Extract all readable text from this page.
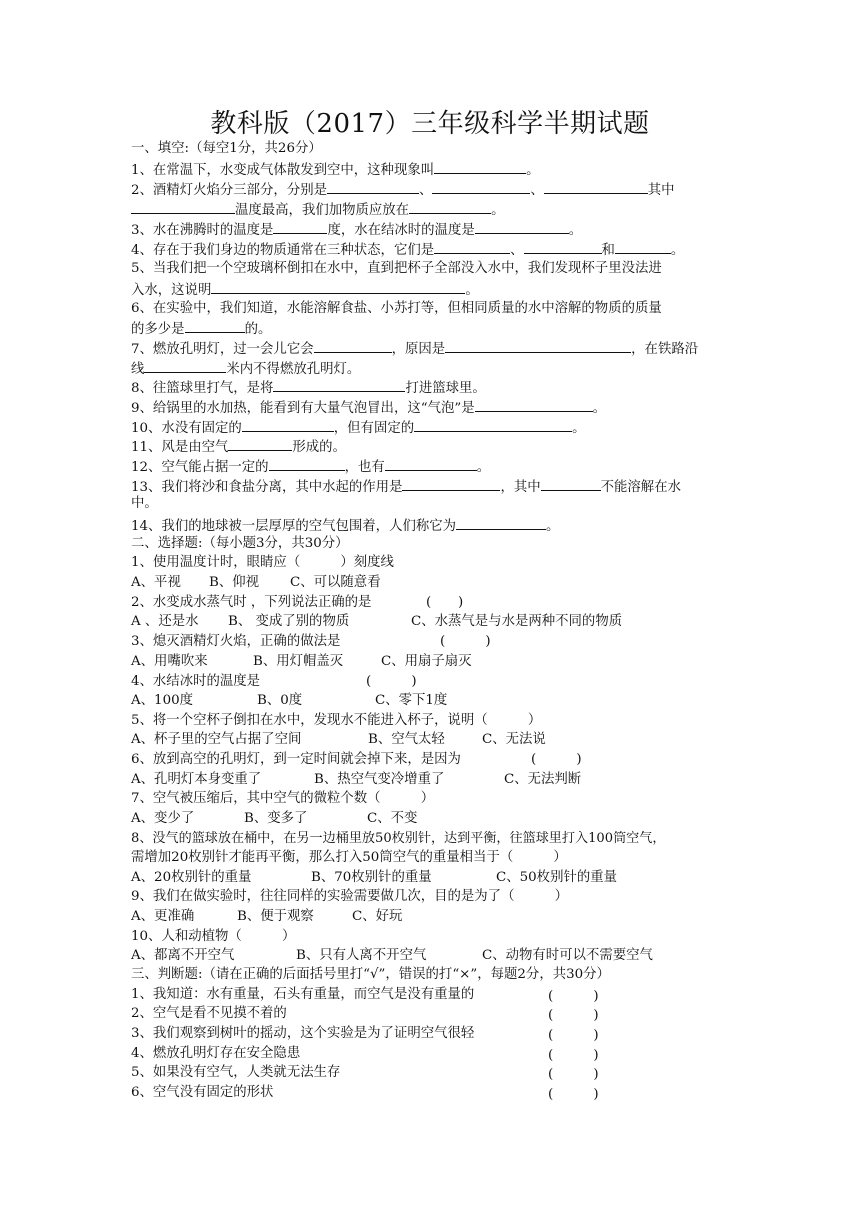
教科版（2017）三年级科学半期试题
一、填空:（每空1分，共26分）
1、在常温下，水变成气体散发到空中，这种现象叫	。
2、酒精灯火焰分三部分，分别是	、	、	其中
温度最高，我们加物质应放在	。
3、水在沸腾时的温度是	度，水在结冰时的温度是	。
4、存在于我们身边的物质通常在三种状态，它们是	、	和	。
5、当我们把一个空玻璃杯倒扣在水中，直到把杯子全部没入水中，我们发现杯子里没法进
入水，这说明	。
6、在实验中，我们知道，水能溶解食盐、小苏打等，但相同质量的水中溶解的物质的质量
的多少是	的。
7、燃放孔明灯，过一会儿它会	，原因是	，在铁路沿
线	米内不得燃放孔明灯。
8、往篮球里打气，是将	打进篮球里。
9、给锅里的水加热，能看到有大量气泡冒出，这“气泡”是	。
10、水没有固定的	，但有固定的	。
11、风是由空气	形成的。
12、空气能占据一定的	，也有	。
13、我们将沙和食盐分离，其中水起的作用是	，其中	不能溶解在水
中。
14、我们的地球被一层厚厚的空气包围着，人们称它为	。
二、选择题:（每小题3分，共30分）
1、使用温度计时，眼睛应（　　　）刻度线
A、平视 B、仰视 C、可以随意看
2、水变成水蒸气时 ，下列说法正确的是	(　　)
A 、还是水 B、 变成了别的物质	C、水蒸气是与水是两种不同的物质
3、熄灭酒精灯火焰，正确的做法是	(　　　)
A、用嘴吹来	B、用灯帽盖灭	C、用扇子扇灭
4、水结冰时的温度是	(　　　)
A、100度	B、0度	C、零下1度
5、将一个空杯子倒扣在水中，发现水不能进入杯子，说明（　　　）
A、杯子里的空气占据了空间	B、空气太轻	C、无法说
6、放到高空的孔明灯，到一定时间就会掉下来，是因为	(　　　)
A、孔明灯本身变重了	B、热空气变冷增重了	C、无法判断
7、空气被压缩后，其中空气的微粒个数（　　　）
A、变少了	B、变多了	C、不变
8、没气的篮球放在桶中，在另一边桶里放50枚别针，达到平衡，往篮球里打入100筒空气，
需增加20枚别针才能再平衡，那么打入50筒空气的重量相当于（　　　）
A、20枚别针的重量	B、70枚别针的重量	C、50枚别针的重量
9、我们在做实验时，往往同样的实验需要做几次，目的是为了（　　　）
A、更准确	B、便于观察	C、好玩
10、人和动植物（　　　）
A、都离不开空气	B、只有人离不开空气	C、动物有时可以不需要空气
三、判断题:（请在正确的后面括号里打“√”，错误的打“×”，每题2分，共30分）
1、我知道：水有重量，石头有重量，而空气是没有重量的	(　　　)
2、空气是看不见摸不着的	(　　　)
3、我们观察到树叶的摇动，这个实验是为了证明空气很轻	(　　　)
4、燃放孔明灯存在安全隐患	(　　　)
5、如果没有空气，人类就无法生存	(　　　)
6、空气没有固定的形状	(　　　)
